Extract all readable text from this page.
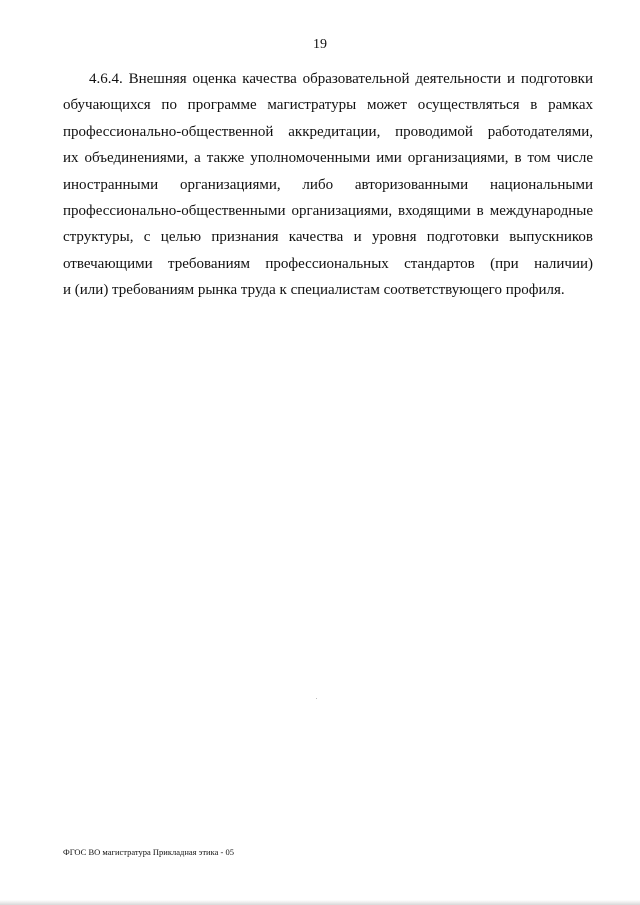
19
4.6.4. Внешняя оценка качества образовательной деятельности и подготовки
обучающихся по программе магистратуры может осуществляться в рамках
профессионально-общественной аккредитации, проводимой работодателями,
их объединениями, а также уполномоченными ими организациями, в том числе
иностранными организациями, либо авторизованными национальными
профессионально-общественными организациями, входящими в международные
структуры, с целью признания качества и уровня подготовки выпускников
отвечающими требованиям профессиональных стандартов (при наличии)
и (или) требованиям рынка труда к специалистам соответствующего профиля.
ФГОС ВО магистратура Прикладная этика - 05
